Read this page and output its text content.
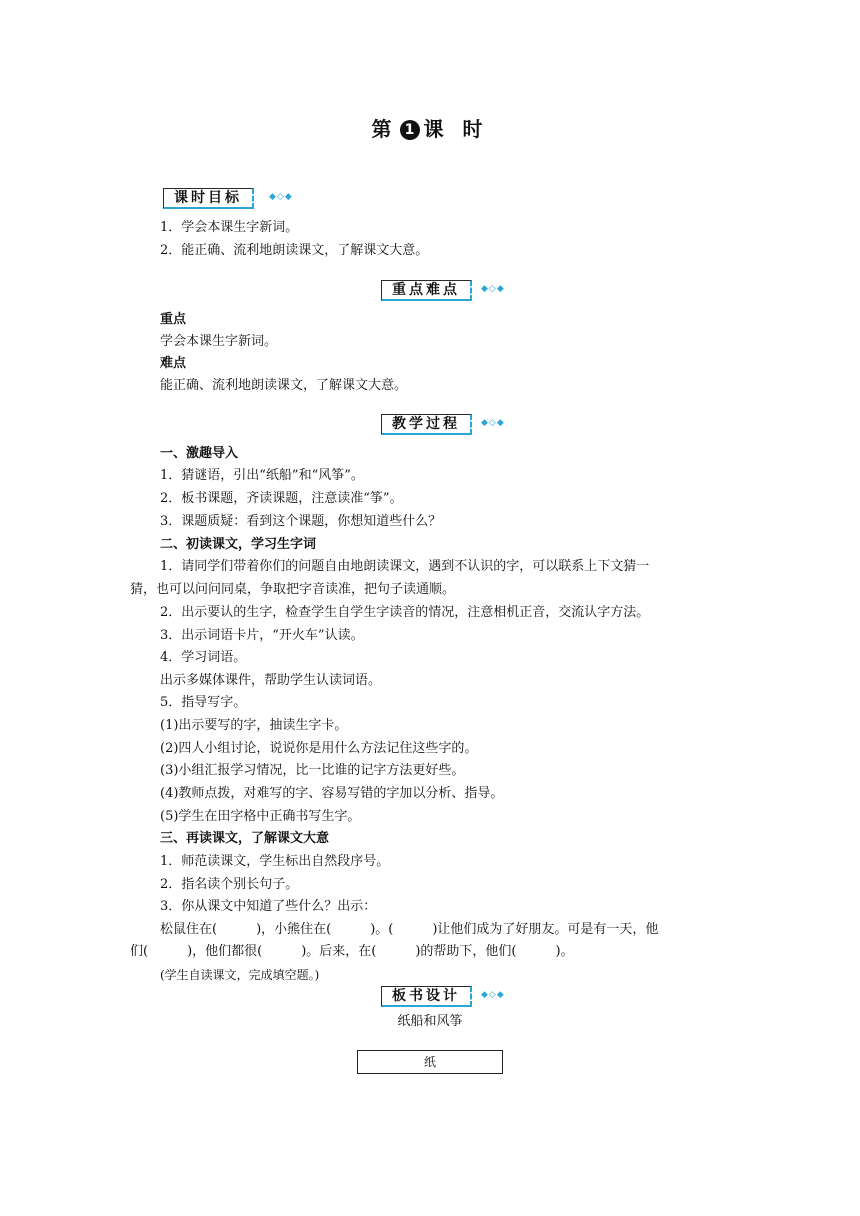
第 1 课 时
课时目标	◆◇◆
1．学会本课生字新词。
2．能正确、流利地朗读课文，了解课文大意。
重点难点	◆◇◆
重点
学会本课生字新词。
难点
能正确、流利地朗读课文，了解课文大意。
教学过程	◆◇◆
一、激趣导入
1．猜谜语，引出“纸船”和“风筝”。
2．板书课题，齐读课题，注意读准“筝”。
3．课题质疑：看到这个课题，你想知道些什么？
二、初读课文，学习生字词
1．请同学们带着你们的问题自由地朗读课文，遇到不认识的字，可以联系上下文猜一
猜，也可以问问同桌，争取把字音读准，把句子读通顺。
2．出示要认的生字，检查学生自学生字读音的情况，注意相机正音，交流认字方法。
3．出示词语卡片，“开火车”认读。
4．学习词语。
出示多媒体课件，帮助学生认读词语。
5．指导写字。
(1)出示要写的字，抽读生字卡。
(2)四人小组讨论，说说你是用什么方法记住这些字的。
(3)小组汇报学习情况，比一比谁的记字方法更好些。
(4)教师点拨，对难写的字、容易写错的字加以分析、指导。
(5)学生在田字格中正确书写生字。
三、再读课文，了解课文大意
1．师范读课文，学生标出自然段序号。
2．指名读个别长句子。
3．你从课文中知道了些什么？出示：
松鼠住在(　　　)，小熊住在(　　　)。(　　　)让他们成为了好朋友。可是有一天，他
们(　　　)，他们都很(　　　)。后来，在(　　　)的帮助下，他们(　　　)。
(学生自读课文，完成填空题。)
板书设计	◆◇◆
纸船和风筝
纸
